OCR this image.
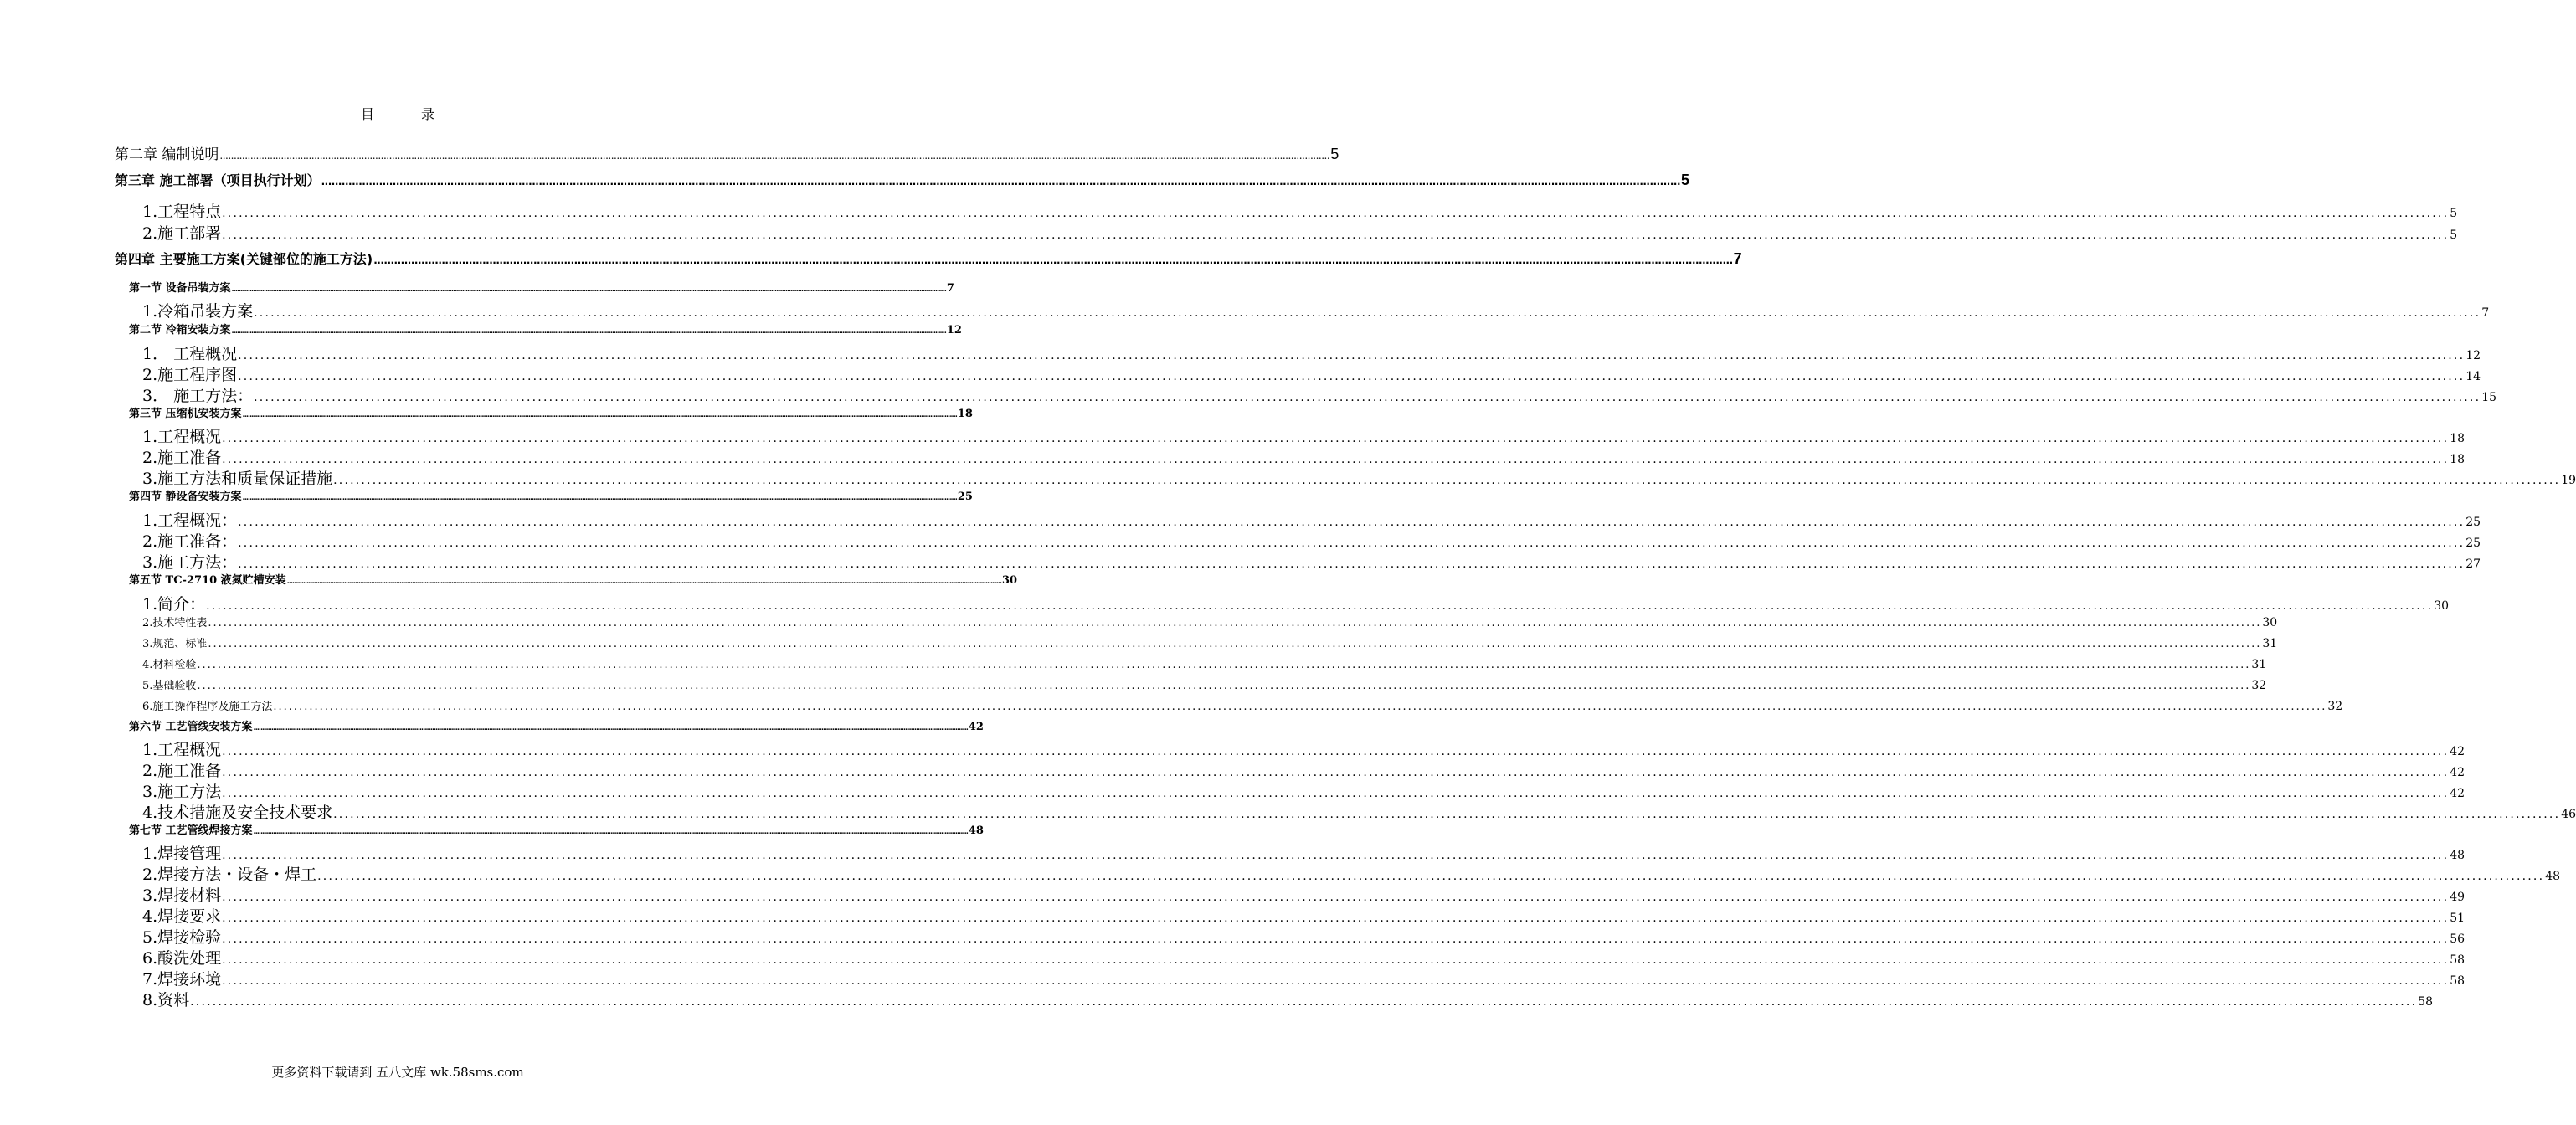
目	录
第二章 编制说明 ................................................................................................................................................................................................................................................................................................................................................................................................................ 5
第三章 施工部署（项目执行计划） ................................................................................................................................................................................................................................................................................................................................................................................................................ 5
1.工程特点 ................................................................................................................................................................................................................................................................................................................................................................................................................ 5
2.施工部署 ................................................................................................................................................................................................................................................................................................................................................................................................................ 5
第四章 主要施工方案(关键部位的施工方法) ................................................................................................................................................................................................................................................................................................................................................................................................................ 7
第一节 设备吊装方案 ................................................................................................................................................................................................................................................................................................................................................................................................................ 7
1.冷箱吊装方案 ................................................................................................................................................................................................................................................................................................................................................................................................................ 7
第二节 冷箱安装方案 ................................................................................................................................................................................................................................................................................................................................................................................................................ 12
1． 工程概况 ................................................................................................................................................................................................................................................................................................................................................................................................................ 12
2.施工程序图 ................................................................................................................................................................................................................................................................................................................................................................................................................ 14
3． 施工方法： ................................................................................................................................................................................................................................................................................................................................................................................................................ 15
第三节 压缩机安装方案 ................................................................................................................................................................................................................................................................................................................................................................................................................ 18
1.工程概况 ................................................................................................................................................................................................................................................................................................................................................................................................................ 18
2.施工准备 ................................................................................................................................................................................................................................................................................................................................................................................................................ 18
3.施工方法和质量保证措施 ................................................................................................................................................................................................................................................................................................................................................................................................................ 19
第四节 静设备安装方案 ................................................................................................................................................................................................................................................................................................................................................................................................................ 25
1.工程概况： ................................................................................................................................................................................................................................................................................................................................................................................................................ 25
2.施工准备： ................................................................................................................................................................................................................................................................................................................................................................................................................ 25
3.施工方法： ................................................................................................................................................................................................................................................................................................................................................................................................................ 27
第五节 TC-2710 液氮贮槽安装 ................................................................................................................................................................................................................................................................................................................................................................................................................ 30
1.简介： ................................................................................................................................................................................................................................................................................................................................................................................................................ 30
2.技术特性表 ................................................................................................................................................................................................................................................................................................................................................................................................................ 30
3.规范、标准 ................................................................................................................................................................................................................................................................................................................................................................................................................ 31
4.材料检验 ................................................................................................................................................................................................................................................................................................................................................................................................................ 31
5.基础验收 ................................................................................................................................................................................................................................................................................................................................................................................................................ 32
6.施工操作程序及施工方法 ................................................................................................................................................................................................................................................................................................................................................................................................................ 32
第六节 工艺管线安装方案 ................................................................................................................................................................................................................................................................................................................................................................................................................ 42
1.工程概况 ................................................................................................................................................................................................................................................................................................................................................................................................................ 42
2.施工准备 ................................................................................................................................................................................................................................................................................................................................................................................................................ 42
3.施工方法 ................................................................................................................................................................................................................................................................................................................................................................................................................ 42
4.技术措施及安全技术要求 ................................................................................................................................................................................................................................................................................................................................................................................................................ 46
第七节 工艺管线焊接方案 ................................................................................................................................................................................................................................................................................................................................................................................................................ 48
1.焊接管理 ................................................................................................................................................................................................................................................................................................................................................................................................................ 48
2.焊接方法・设备・焊工 ................................................................................................................................................................................................................................................................................................................................................................................................................ 48
3.焊接材料 ................................................................................................................................................................................................................................................................................................................................................................................................................ 49
4.焊接要求 ................................................................................................................................................................................................................................................................................................................................................................................................................ 51
5.焊接检验 ................................................................................................................................................................................................................................................................................................................................................................................................................ 56
6.酸洗处理 ................................................................................................................................................................................................................................................................................................................................................................................................................ 58
7.焊接环境 ................................................................................................................................................................................................................................................................................................................................................................................................................ 58
8.资料 ................................................................................................................................................................................................................................................................................................................................................................................................................ 58
更多资料下载请到 五八文库 wk.58sms.com
